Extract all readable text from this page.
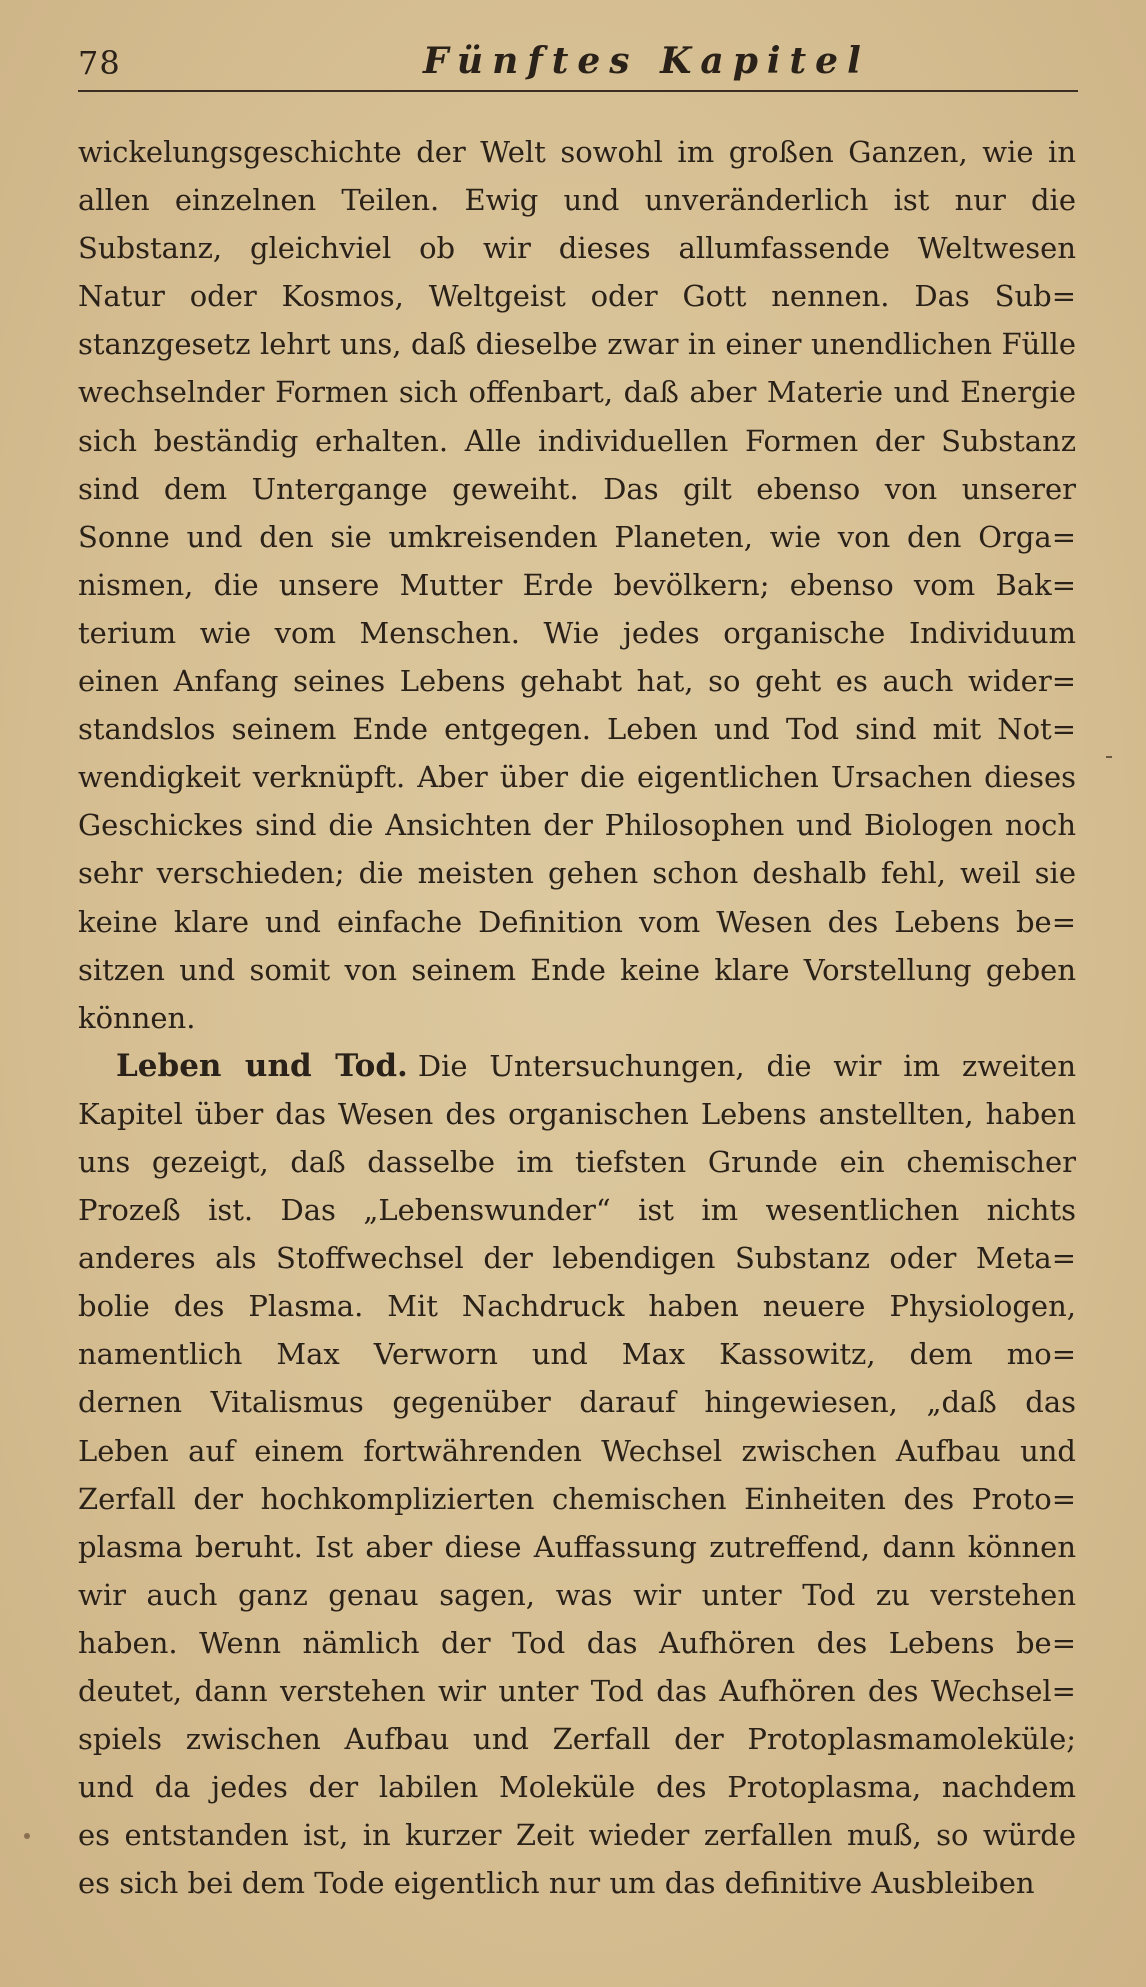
78	Fünftes Kapitel
wickelungsgeschichte der Welt sowohl im großen Ganzen, wie in
allen einzelnen Teilen. Ewig und unveränderlich ist nur die
Substanz, gleichviel ob wir dieses allumfassende Weltwesen
Natur oder Kosmos, Weltgeist oder Gott nennen. Das Sub=
stanzgesetz lehrt uns, daß dieselbe zwar in einer unendlichen Fülle
wechselnder Formen sich offenbart, daß aber Materie und Energie
sich beständig erhalten. Alle individuellen Formen der Substanz
sind dem Untergange geweiht. Das gilt ebenso von unserer
Sonne und den sie umkreisenden Planeten, wie von den Orga=
nismen, die unsere Mutter Erde bevölkern; ebenso vom Bak=
terium wie vom Menschen. Wie jedes organische Individuum
einen Anfang seines Lebens gehabt hat, so geht es auch wider=
standslos seinem Ende entgegen. Leben und Tod sind mit Not=
wendigkeit verknüpft. Aber über die eigentlichen Ursachen dieses
Geschickes sind die Ansichten der Philosophen und Biologen noch
sehr verschieden; die meisten gehen schon deshalb fehl, weil sie
keine klare und einfache Definition vom Wesen des Lebens be=
sitzen und somit von seinem Ende keine klare Vorstellung geben
können.
Leben und Tod. Die Untersuchungen, die wir im zweiten
Kapitel über das Wesen des organischen Lebens anstellten, haben
uns gezeigt, daß dasselbe im tiefsten Grunde ein chemischer
Prozeß ist. Das „Lebenswunder“ ist im wesentlichen nichts
anderes als Stoffwechsel der lebendigen Substanz oder Meta=
bolie des Plasma. Mit Nachdruck haben neuere Physiologen,
namentlich Max Verworn und Max Kassowitz, dem mo=
dernen Vitalismus gegenüber darauf hingewiesen, „daß das
Leben auf einem fortwährenden Wechsel zwischen Aufbau und
Zerfall der hochkomplizierten chemischen Einheiten des Proto=
plasma beruht. Ist aber diese Auffassung zutreffend, dann können
wir auch ganz genau sagen, was wir unter Tod zu verstehen
haben. Wenn nämlich der Tod das Aufhören des Lebens be=
deutet, dann verstehen wir unter Tod das Aufhören des Wechsel=
spiels zwischen Aufbau und Zerfall der Protoplasmamoleküle;
und da jedes der labilen Moleküle des Protoplasma, nachdem
es entstanden ist, in kurzer Zeit wieder zerfallen muß, so würde
es sich bei dem Tode eigentlich nur um das definitive Ausbleiben
